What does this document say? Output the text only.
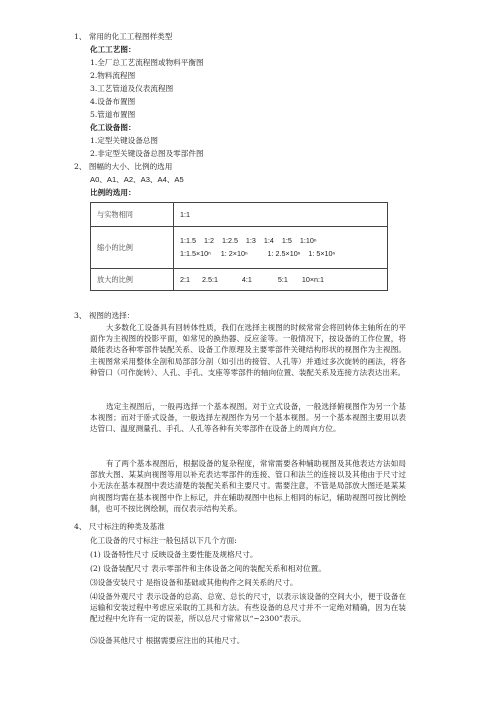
1、 常用的化工工程图样类型
化工工艺图：
1.全厂总工艺流程图或物料平衡图
2.物料流程图
3.工艺管道及仪表流程图
4.设备布置图
5.管道布置图
化工设备图：
1.定型关键设备总图
2.非定型关键设备总图及零部件图
2、 图幅的大小、比例的选用
A0、A1、A2、A3、A4、A5
比例的选用：
与实物相同	1:1

缩小的比例	1:1.5    1:2    1:2.5    1:3    1:4    1:5    1:10ⁿ
1:1.5×10ⁿ     1: 2×10ⁿ          1: 2.5×10ⁿ    1: 5×10ⁿ

放大的比例	2:1      2.5:1            4:1             5:1       10×n:1
3、 视图的选择：
大多数化工设备具有回转体性质，我们在选择主视图的时候常常会将回转体主轴所在的平面作为主视图的投影平面，如常见的换热器、反应釜等。一般情况下，按设备的工作位置，将最能表达各种零部件装配关系、设备工作原理及主要零部件关键结构形状的视图作为主视图。主视图常采用整体全剖和局部部分剖（如引出的接管、人孔等）并通过多次旋转的画法，将各种管口（可作旋转）、人孔、手孔、支座等零部件的轴向位置、装配关系及连接方法表达出来。
选定主视图后，一般再选择一个基本视图。对于立式设备，一般选择俯视图作为另一个基本视图；而对于卧式设备，一般选择左视图作为另一个基本视图。另一个基本视图主要用以表达管口、温度测量孔、手孔、人孔等各种有关零部件在设备上的周向方位。
有了两个基本视图后，根据设备的复杂程度，常常需要各种辅助视图及其他表达方法如局部放大图、某某向视图等用以补充表达零部件的连接、管口和法兰的连接以及其他由于尺寸过小无法在基本视图中表达清楚的装配关系和主要尺寸。需要注意，不管是局部放大图还是某某向视图均需在基本视图中作上标记，并在辅助视图中也标上相同的标记，辅助视图可按比例绘制，也可不按比例绘制，而仅表示结构关系。
4、 尺寸标注的种类及基准
化工设备的尺寸标注一般包括以下几个方面:
(1) 设备特性尺寸 反映设备主要性能及规格尺寸。
(2) 设备装配尺寸 表示零部件和主体设备之间的装配关系和相对位置。
⑶设备安装尺寸 是指设备和基础或其他构件之间关系的尺寸。
⑷设备外观尺寸 表示设备的总高、总宽、总长的尺寸，以表示该设备的空间大小，便于设备在运输和安装过程中考虑应采取的工具和方法。有些设备的总尺寸并不一定绝对精确，因为在装配过程中允许有一定的误差，所以总尺寸常常以“~2300”表示。
⑸设备其他尺寸 根据需要应注出的其他尺寸。
